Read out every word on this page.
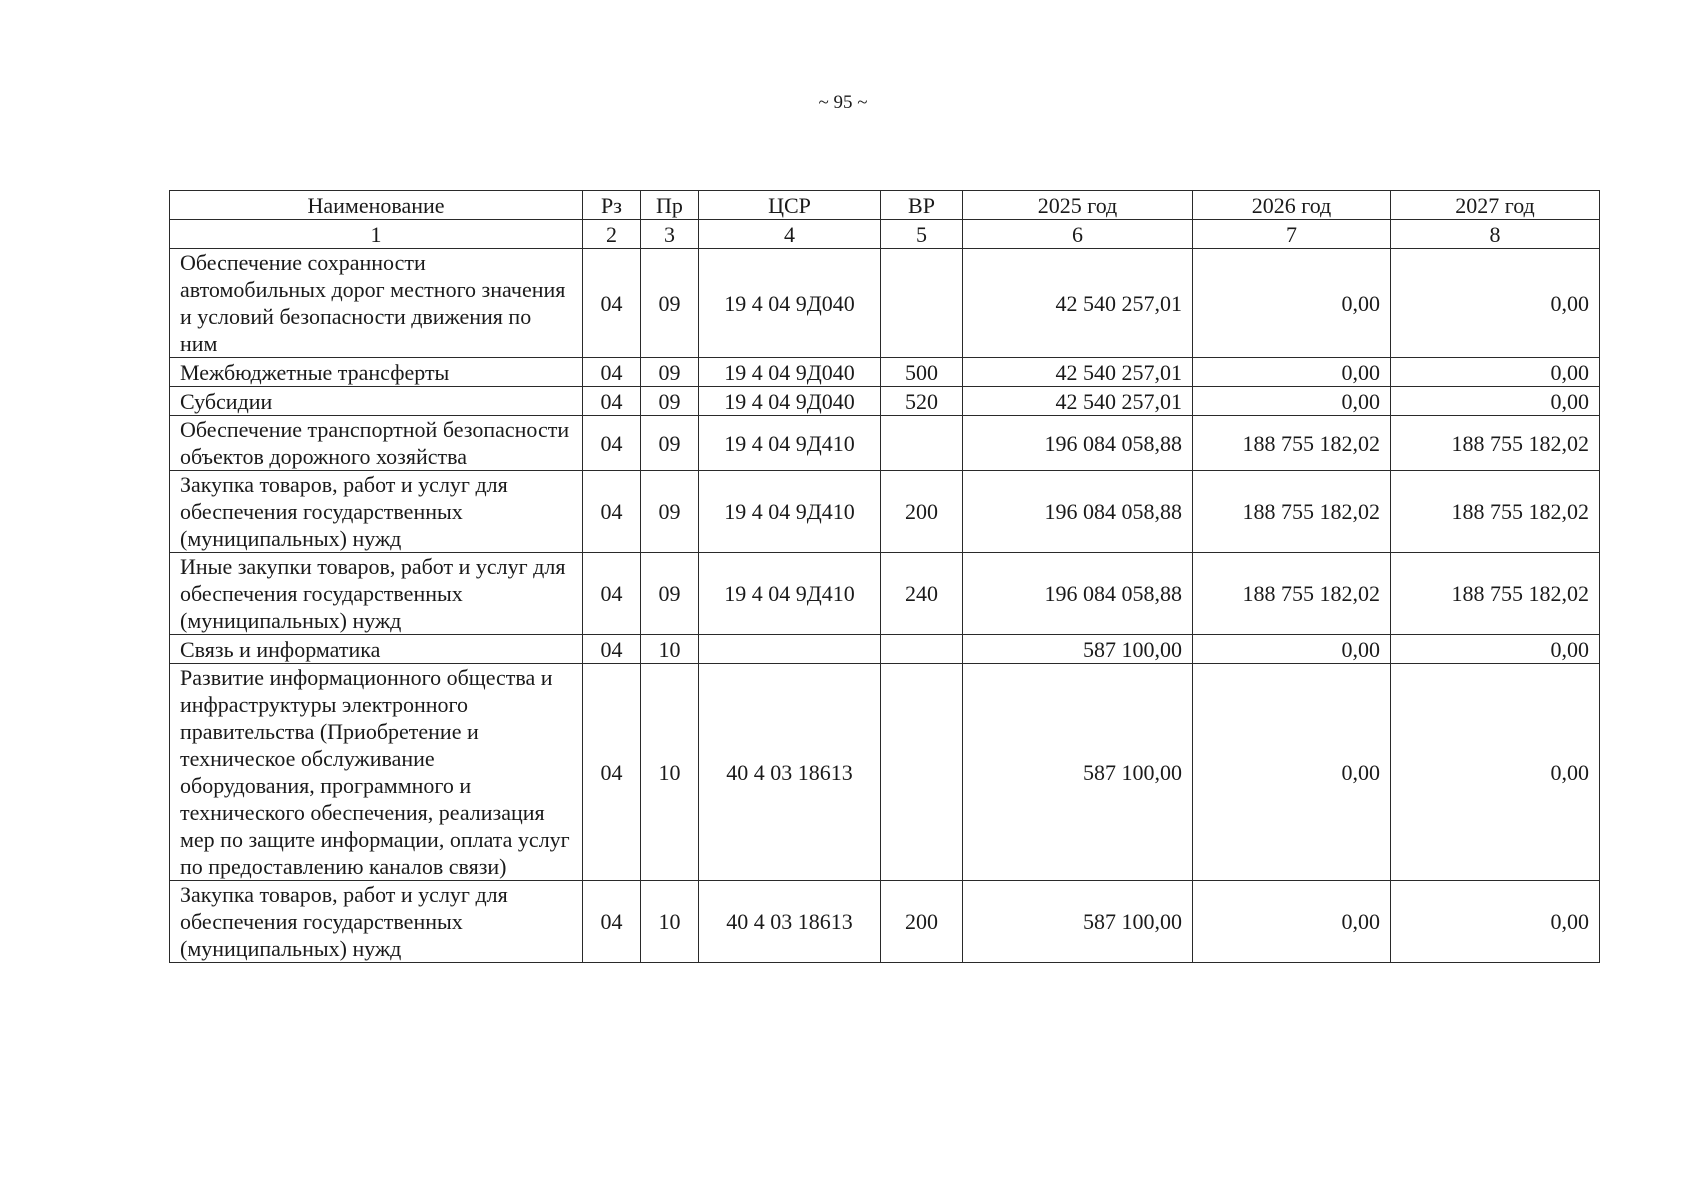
~ 95 ~
Наименование	Рз	Пр	ЦСР	ВР	2025 год	2026 год	2027 год
1	2	3	4	5	6	7	8
Обеспечение сохранности автомобильных дорог местного значения и условий безопасности движения по ним	04	09	19 4 04 9Д040		42 540 257,01	0,00	0,00
Межбюджетные трансферты	04	09	19 4 04 9Д040	500	42 540 257,01	0,00	0,00
Субсидии	04	09	19 4 04 9Д040	520	42 540 257,01	0,00	0,00
Обеспечение транспортной безопасности объектов дорожного хозяйства	04	09	19 4 04 9Д410		196 084 058,88	188 755 182,02	188 755 182,02
Закупка товаров, работ и услуг для обеспечения государственных (муниципальных) нужд	04	09	19 4 04 9Д410	200	196 084 058,88	188 755 182,02	188 755 182,02
Иные закупки товаров, работ и услуг для обеспечения государственных (муниципальных) нужд	04	09	19 4 04 9Д410	240	196 084 058,88	188 755 182,02	188 755 182,02
Связь и информатика	04	10			587 100,00	0,00	0,00
Развитие информационного общества и инфраструктуры электронного правительства (Приобретение и техническое обслуживание оборудования, программного и технического обеспечения, реализация мер по защите информации, оплата услуг по предоставлению каналов связи)	04	10	40 4 03 18613		587 100,00	0,00	0,00
Закупка товаров, работ и услуг для обеспечения государственных (муниципальных) нужд	04	10	40 4 03 18613	200	587 100,00	0,00	0,00
